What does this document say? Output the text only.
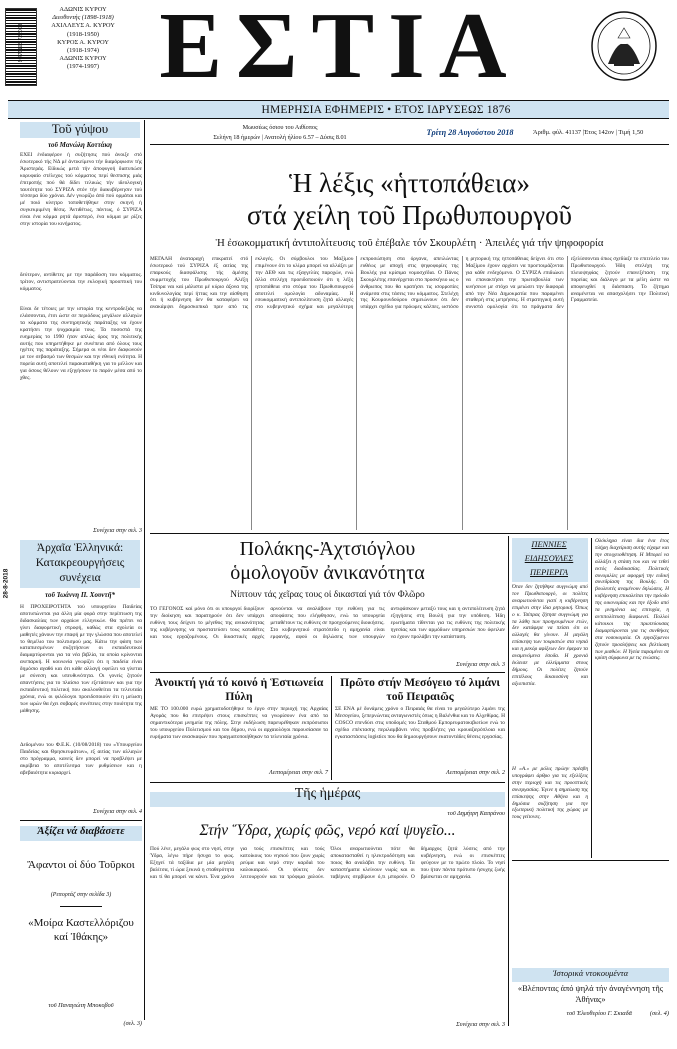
9 771105 722003
ΑΔΩΝΙΣ ΚΥΡΟΥ
Διευθυντής (1898-1918)
ΑΧΙΛΛΕΥΣ Α. ΚΥΡΟΥ
(1918-1950)
ΚΥΡΟΣ Α. ΚΥΡΟΥ
(1918-1974)
ΑΔΩΝΙΣ ΚΥΡΟΥ
(1974-1997) ΕΣΤΙΑ
ΗΜΕΡΗΣΙΑ ΕΦΗΜΕΡΙΣ • ΕΤΟΣ ΙΔΡΥΣΕΩΣ 1876
Μωυσέως όσιου του Αιθίοπος
Σελήνη 18 ήμερών | Ανατολή ήλίου 6.57 – Δύσις 8.01
Τρίτη 28 Αυγούστου 2018	Άριθμ. φύλ. 41137 |Έτος 142ον | Τιμή 1,50
28-8-2018
Τοῦ γύψου
τοῦ Μανώλη Κοττάκη
ΕΧΕΙ ένδιαφέρον ή συζήτησις πού άνοιξε στό έσωτερικό τής ΝΔ μέ άντικείμενο τήν διαμόρφωσιν τής Άριστεράς. Είδικώς μετά τήν άποφυγοή διατυπώσε κορυφαίο στέλεχος τού κόμματος περί θεσπισης μιάς έπιτροπής πού θά δίδει τελικώς τήν ιδεολογική ταυτότητα τού ΣΥΡΙΖΑ στόν τήν διακυβέρνησιν τού τέσσερα δύο χρόνια. Δέν γνωρίζω άπό πού ορμάται και μέ ποιό κίνητρο τοποθετήθηκε στην σκηνή ή συγκεκριμένη θέσις. Άντιθέτως, πάντως, ό ΣΥΡΙΖΑ είναι ένα κόμμα ρητά άριστερό, ένα κόμμα με ρίζες στην ιστορία του κινήματος.
δεύτερον, αντίθετες με την παράδοση του κόμματος. τρίτον, αντιστρατεύονται την εκλογική προοπτική του κόμματος.
Είναι δε τέτοιες με την ιστορία της κεντροδεξιάς να ελάσσονται, έτσι ώστε σε περιόδους μεγάλων αλλαγών τα κόμματα της συντηρητικής παράταξης να έχουν κρατήσει την ψυχραιμία τους. Τα ποσοστά της ευημερίας το 1990 ήταν απλώς όρος της πολιτικής αυτής που υπηρετήθηκε με συνέπεια από όλους τους ηγέτες της παράταξης. Σήμερα οι νέοι δεν διαφωνούν με τον σεβασμό των θεσμών και την εθνική ενότητα. Η πορεία αυτή αποτελεί παρακαταθήκη για το μέλλον και για όσους θέλουν να εξηγήσουν το παρόν μέσα από το χθες.
Συνέχεια στην σελ. 3
Ἡ λέξις «ἡττοπάθεια»
στά χείλη τοῦ Πρωθυπουργοῦ
Ἡ ἐσωκομματική ἀντιπολίτευσις τοῦ ἐπέβαλε τόν Σκουρλέτη · Ἀπειλές γιά τήν ψηφοφορία
ΜΕΓΑΛΗ άναταραχή επικρατεί στό έσωτερικό τού ΣΥΡΙΖΑ έξ αιτίας της επαρκούς διασφάλισης τής άμέσης συμμετοχής του Πρωθυπουργού Αλέξη Τσίπρα ναι καί μάλιστα μέ κύριο άξονα της κινδυνολογίας περί ήττας και την αίσθηση ότι ή κυβέρνηση δεν θα καταφέρει να ανακάμψει δημοσκοπικά πριν από τις εκλογές. Οι σύμβουλοι του Μαξίμου επιμένουν ότι το κλίμα μπορεί να αλλάξει με την ΔΕΘ και τις εξαγγελίες παροχών, ενώ άλλα στελέχη προειδοποιούν ότι η λέξη ηττοπάθεια στο στόμα του Πρωθυπουργού αποτελεί ομολογία αδυναμίας. Η εσωκομματική αντιπολίτευση ζητά αλλαγές στο κυβερνητικό σχήμα και μεγαλύτερη εκπροσώπηση στα όργανα, απειλώντας ευθέως με αποχή στις ψηφοφορίες της Βουλής για κρίσιμα νομοσχέδια. Ο Πάνος Σκουρλέτης επανέρχεται στο προσκήνιο ως ο άνθρωπος που θα κρατήσει τις ισορροπίες ανάμεσα στις τάσεις του κόμματος. Στελέχη της Κουμουνδούρου σημειώνουν ότι δεν υπάρχει σχέδιο για πρόωρες κάλπες, ωστόσο η ρητορική της ηττοπάθειας δείχνει ότι στο Μαξίμου έχουν αρχίσει να προετοιμάζονται για κάθε ενδεχόμενο. Ο ΣΥΡΙΖΑ επιδιώκει να επανακτήσει την πρωτοβουλία των κινήσεων με στόχο να μειώσει την διαφορά από την Νέα Δημοκρατία που παραμένει σταθερή στις μετρήσεις. Η στρατηγική αυτή συνιστά ομολογία ότι τα πράγματα δεν εξελίσσονται όπως σχεδίαζε το επιτελείο του Πρωθυπουργού. Ήδη στελέχη της πλειοψηφίας ζητούν επανεξέταση της πορείας και διάλογο με τα μέλη ώστε να αποφευχθεί η διάσπαση. Το ζήτημα αναμένεται να απασχολήσει την Πολιτική Γραμματεία.
Ἀρχαῖα Ἑλληνικά: Κατακρεουργήσεις συνέχεια
τοῦ Ἰωάννη Π. Χουντῆ*
Η ΠΡΟΧΕΙΡΟΤΗΤΑ τού υπουργείου Παιδείας αποτυπώνεται για άλλη μία φορά στην περίπτωση της διδασκαλίας των αρχαίων ελληνικών. Θα πρέπει να γίνει διαφορετική στροφή, καθώς στα σχολεία οι μαθητές χάνουν την επαφή με την γλώσσα που αποτελεί το θεμέλιο του πολιτισμού μας. Κάτω την φάση των καταπιεσμένων συζητήσεων οι εκπαιδευτικοί διαμαρτύρονται για τα νέα βιβλία, τα οποία κρίνονται ανεπαρκή. Η κοινωνία γνωρίζει ότι η παιδεία είναι δημόσιο αγαθό και ότι κάθε αλλαγή οφείλει να γίνεται με σύνεση και υπευθυνότητα. Οι γονείς ζητούν απαντήσεις για το πλαίσιο των εξετάσεων και για την εκπαιδευτική πολιτική που ακολουθείται τα τελευταία χρόνια, ενώ οι φιλόλογοι προειδοποιούν ότι η μείωση των ωρών θα έχει σοβαρές συνέπειες στην ποιότητα της μάθησης.
Δεδομένου του Φ.Ε.Κ. (10/08/2018) του «Υπουργείου Παιδείας και Θρησκευμάτων», εξ αιτίας των αλλαγών στο πρόγραμμα, κανείς δεν μπορεί να προβλέψει με ακρίβεια το αποτέλεσμα των ρυθμίσεων και η αβεβαιότητα κυριαρχεί.
Συνέχεια στην σελ. 4
Πολάκης-Ἀχτσιόγλου
ὁμολογοῦν ἀνικανότητα
Νίπτουν τάς χεῖρας τους οἱ δικασταί γιά τόν Φλῶρο
ΤΟ ΓΕΓΟΝΟΣ καί μόνο ότι οι υπουργοί διορίζουν την διοίκηση και παρατηρούν ότι δεν υπάρχει ευθύνη τους δείχνει το μέγεθος της ανικανότητας της κυβέρνησης να προστατεύσει τους καταθέτες και τους εργαζομένους. Οι δικαστικές αρχές αρνούνται να αναλάβουν την ευθύνη για τις αποφάσεις που ελήφθησαν, ενώ τα υπουργεία μεταθέτουν τις ευθύνες σε προηγούμενες διοικήσεις. Στο κυβερνητικό στρατόπεδο η αμηχανία είναι εμφανής, αφού οι δηλώσεις των υπουργών αντιφάσκουν μεταξύ τους και η αντιπολίτευση ζητά εξηγήσεις στη Βουλή για την υπόθεση. Ήδη ερωτήματα τίθενται για τις ευθύνες της πολιτικής ηγεσίας και των αρμόδιων υπηρεσιών που όφειλαν να έχουν προλάβει την κατάσταση.
Συνέχεια στην σελ. 3
Ἀνοικτή γιά τό κοινό ἡ Ἑστιωνεία Πύλη
ΜΕ ΤΟ 100.000 ευρώ χρηματοδοτήθηκε το έργο στην περιοχή της Αρχαίας Αγοράς που θα επιτρέψει στους επισκέπτες να γνωρίσουν ένα από τα σημαντικότερα μνημεία της πόλης. Στην εκδήλωση παρευρέθηκαν εκπρόσωποι του υπουργείου Πολιτισμού και του δήμου, ενώ οι αρχαιολόγοι παρουσίασαν τα ευρήματα των ανασκαφών που πραγματοποιήθηκαν τα τελευταία χρόνια.
Λεπτομέρειαι στην σελ. 7
Πρῶτο στήν Μεσόγειο τό λιμάνι τοῦ Πειραιῶς
ΣΕ ΕΝΑ μέ δυνάμεις χρόνο ο Πειραιάς θα είναι το μεγαλύτερο λιμάνι της Μεσογείου, ξεπερνώντας ανταγωνιστές όπως η Βαλένθια και το Αλχεθίρας. Η COSCO επενδύει στις υποδομές του Σταθμού Εμπορευματοκιβωτίων ενώ το σχέδιο επέκτασης περιλαμβάνει νέες προβλήτες για κρουαζιερόπλοια και εγκαταστάσεις logistics που θα δημιουργήσουν εκατοντάδες θέσεις εργασίας.
Λεπτομέρειαι στην σελ. 2
ΠΕΝΝΙΕΣ ΕΙΔΗΣΟΥΛΕΣ ΠΕΡΙΕΡΓΑ
Όταν δεν ζητήθηκε συγγνώμη από τον Πρωθυπουργό, οι πολίτες αναρωτιούνται γιατί η κυβέρνηση επιμένει στην ίδια ρητορική. Όπως ο κ. Τσίπρας ζήτησε συγγνώμη για τα λάθη των προηγουμένων ετών, δεν κατάφερε να πείσει ότι οι αλλαγές θα γίνουν. Η μεγάλη επίσκεψη των τουριστών στα νησιά και η ρεκόρ αφίξεων δεν έφεραν τα αναμενόμενα έσοδα. Η χρονιά έκλεισε με ελλείμματα στους δήμους. Οι πολίτες ζητούν επιτέλους δικαιοσύνη και αξιοπιστία.
Η «Α.» με μόλις πρώην πρέσβη υπογράφει άρθρο για τις εξελίξεις στην περιοχή και τις προοπτικές συνεργασίας. Έγινε η σημείωση της επίσκεψης στην Αθήνα και η δημόσια συζήτηση για την εξωτερική πολιτική της χώρας με τους γείτονες.
Ολόκληρα είναι δια ένα έτος πλήρη διαχείριση αυτής είχαμε και την στοιχειοθέτηση. Η Μπορεί να αλλάξει η στάση του και να τεθεί εκτός διαδικασίας. Πολιτικές συνομιλίες με αφορμή την ειδική συνεδρίαση της Βουλής. Οι βουλευτές αναμένουν δηλώσεις. Η κυβέρνηση επικαλείται την πρόοδο της οικονομίας και την έξοδο από τα μνημόνια ως επιτυχία, η αντιπολίτευση διαφωνεί. Πολλοί κάτοικοι της πρωτεύουσας διαμαρτύρονται για τις συνθήκες στα νοσοκομεία. Οι εργαζόμενοι ζητούν προσλήψεις και βελτίωση των μισθών. Η Υγεία παραμένει σε κρίση σύμφωνα με τις ενώσεις.
Ἀξίζει νά διαβάσετε
Ἄφαντοι οἱ δύο Τοῦρκοι
(Ρεπορτάζ στην σελίδα 3)
«Μοίρα Καστελλόριζου καί Ἰθάκης»
τοῦ Παναγιώτη Μποκοβοῦ
(σελ. 3)
Τῆς ἡμέρας
τοῦ Δημήτρη Καπράνου
Στήν Ὕδρα, χωρίς φῶς, νερό καί ψυγεῖο...
Πού λένε, μεγάλο φως στο νησί, στην Ύδρα, λέγω πήρε ήσυχα το φως. Εξηγεί τά ταξίδια με μία μεγάλη βαλίτσα, τί ώρα ξεκινά η σταθερότητα και τί θα μπορεί να κάνει. Ένα χρόνο για τούς επισκέπτες και τούς κατοίκους του νησιού που ζουν χωρίς ρεύμα και νερό στην καρδιά του καλοκαιριού. Οι ψύκτες δεν λειτουργούν και τα τρόφιμα χαλούν. Όλοι αναρωτιούνται πότε θα αποκατασταθεί η ηλεκτροδότηση και ποιος θα αναλάβει την ευθύνη. Τα καταστήματα κλείνουν νωρίς και οι ταβέρνες σερβίρουν ό,τι μπορούν. Ο δήμαρχος ζητά λύσεις από την κυβέρνηση, ενώ οι επισκέπτες φεύγουν με το πρώτο πλοίο. Το νησί που ήταν πάντα πρότυπο ήσυχης ζωής βρίσκεται σε αμηχανία.
Συνέχεια στην σελ. 3
Ἱστορικά ντοκουμέντα
«Βλέποντας ἀπό ψηλά τήν ἀναγέννηση τῆς Ἀθήνας»
τοῦ Ἐλευθερίου Γ. Σκιαδᾶ	(σελ. 4)
